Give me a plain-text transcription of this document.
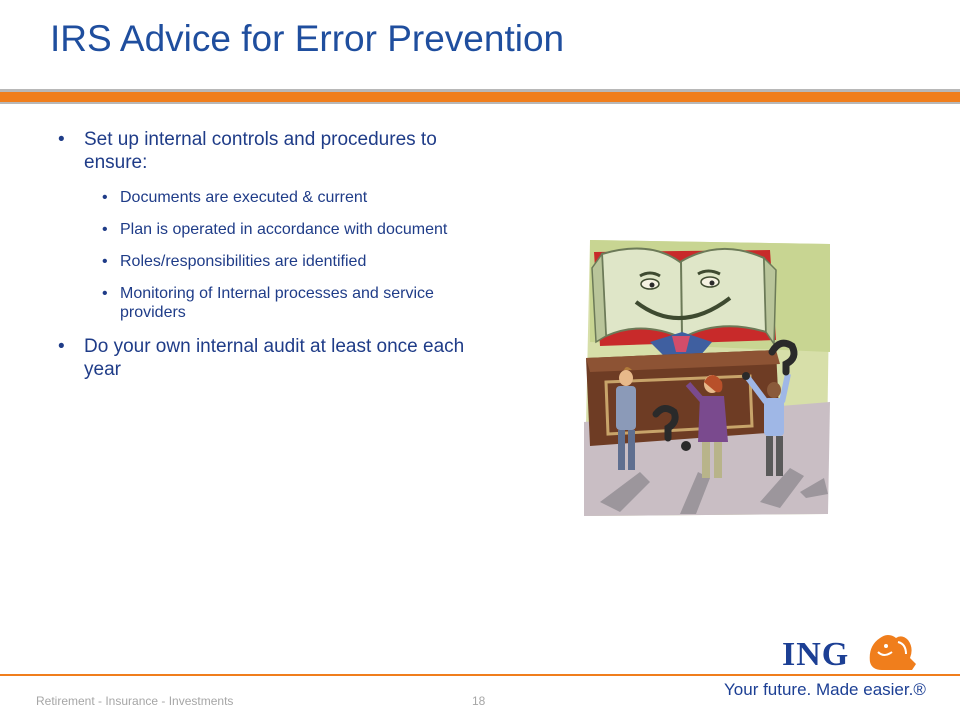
IRS Advice for Error Prevention
• Set up internal controls and procedures to ensure:
• Documents are executed & current
• Plan is operated in accordance with document
• Roles/responsibilities are identified
• Monitoring of Internal processes and service providers
• Do your own internal audit at least once each year
Retirement - Insurance - Investments	18
ING
Your future. Made easier.®
